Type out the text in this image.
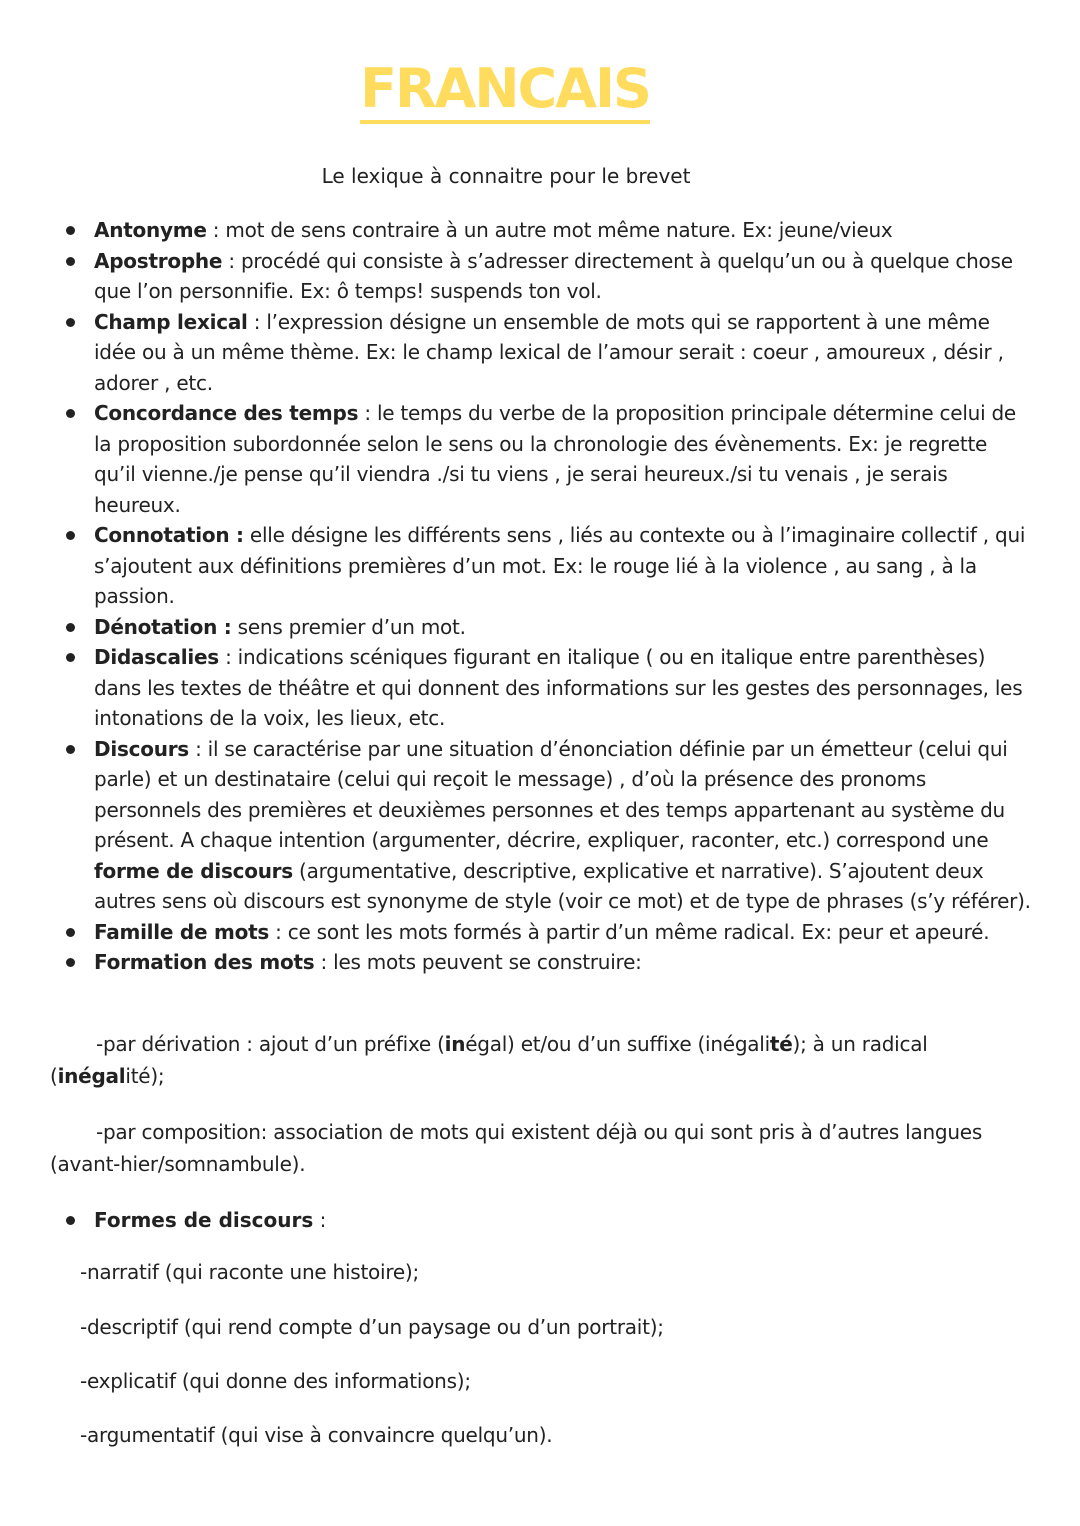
FRANCAIS
Le lexique à connaitre pour le brevet
Antonyme : mot de sens contraire à un autre mot même nature. Ex: jeune/vieux
Apostrophe : procédé qui consiste à s’adresser directement à quelqu’un ou à quelque chose que l’on personnifie. Ex: ô temps! suspends ton vol.
Champ lexical : l’expression désigne un ensemble de mots qui se rapportent à une même idée ou à un même thème. Ex: le champ lexical de l’amour serait : coeur , amoureux , désir , adorer , etc.
Concordance des temps : le temps du verbe de la proposition principale détermine celui de la proposition subordonnée selon le sens ou la chronologie des évènements. Ex: je regrette qu’il vienne./je pense qu’il viendra ./si tu viens , je serai heureux./si tu venais , je serais heureux.
Connotation : elle désigne les différents sens , liés au contexte ou à l’imaginaire collectif , qui s’ajoutent aux définitions premières d’un mot. Ex: le rouge lié à la violence , au sang , à la passion.
Dénotation : sens premier d’un mot.
Didascalies : indications scéniques figurant en italique ( ou en italique entre parenthèses) dans les textes de théâtre et qui donnent des informations sur les gestes des personnages, les intonations de la voix, les lieux, etc.
Discours : il se caractérise par une situation d’énonciation définie par un émetteur (celui qui parle) et un destinataire (celui qui reçoit le message) , d’où la présence des pronoms personnels des premières et deuxièmes personnes et des temps appartenant au système du présent. A chaque intention (argumenter, décrire, expliquer, raconter, etc.) correspond une forme de discours (argumentative, descriptive, explicative et narrative). S’ajoutent deux autres sens où discours est synonyme de style (voir ce mot) et de type de phrases (s’y référer).
Famille de mots : ce sont les mots formés à partir d’un même radical. Ex: peur et apeuré.
Formation des mots : les mots peuvent se construire:
-par dérivation : ajout d’un préfixe (inégal) et/ou d’un suffixe (inégalité); à un radical (inégalité);
-par composition: association de mots qui existent déjà ou qui sont pris à d’autres langues (avant-hier/somnambule).
Formes de discours :
-narratif (qui raconte une histoire);
-descriptif (qui rend compte d’un paysage ou d’un portrait);
-explicatif (qui donne des informations);
-argumentatif (qui vise à convaincre quelqu’un).
